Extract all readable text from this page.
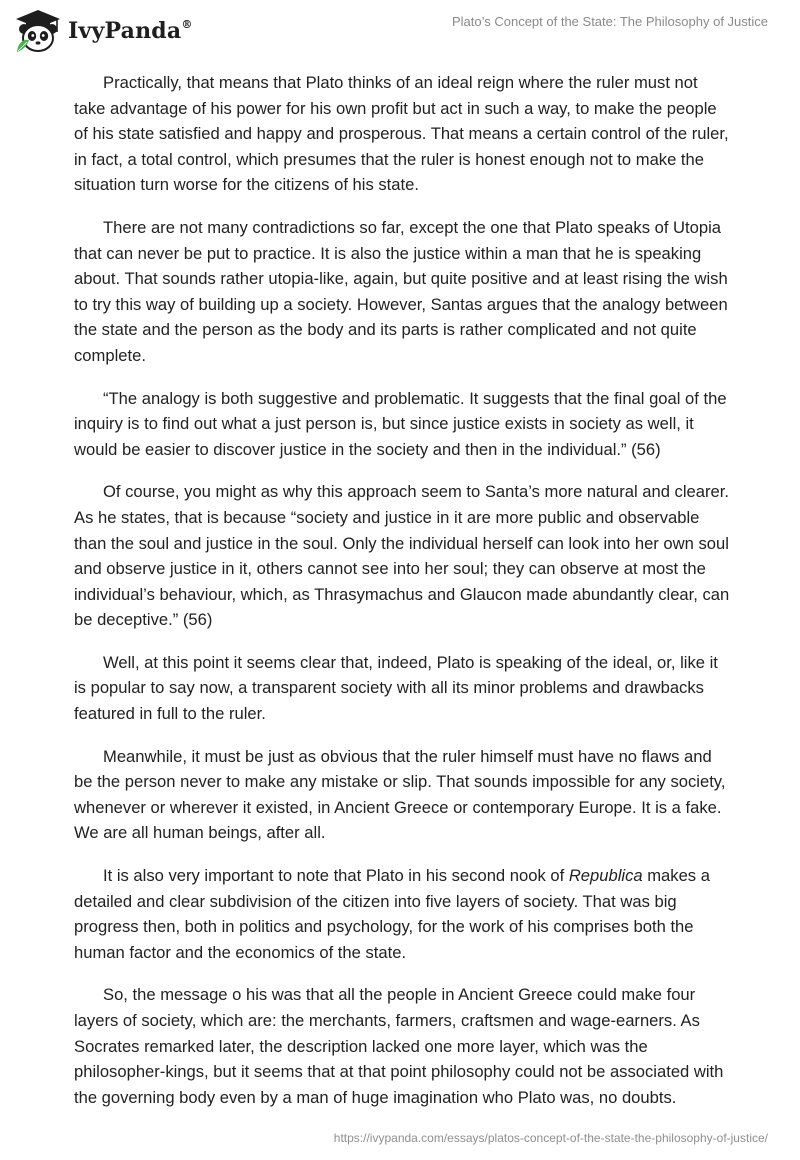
IvyPanda®	Plato’s Concept of the State: The Philosophy of Justice

Practically, that means that Plato thinks of an ideal reign where the ruler must not take advantage of his power for his own profit but act in such a way, to make the people of his state satisfied and happy and prosperous. That means a certain control of the ruler, in fact, a total control, which presumes that the ruler is honest enough not to make the situation turn worse for the citizens of his state.

There are not many contradictions so far, except the one that Plato speaks of Utopia that can never be put to practice. It is also the justice within a man that he is speaking about. That sounds rather utopia-like, again, but quite positive and at least rising the wish to try this way of building up a society. However, Santas argues that the analogy between the state and the person as the body and its parts is rather complicated and not quite complete.

“The analogy is both suggestive and problematic. It suggests that the final goal of the inquiry is to find out what a just person is, but since justice exists in society as well, it would be easier to discover justice in the society and then in the individual.” (56)

Of course, you might as why this approach seem to Santa’s more natural and clearer. As he states, that is because “society and justice in it are more public and observable than the soul and justice in the soul. Only the individual herself can look into her own soul and observe justice in it, others cannot see into her soul; they can observe at most the individual’s behaviour, which, as Thrasymachus and Glaucon made abundantly clear, can be deceptive.” (56)

Well, at this point it seems clear that, indeed, Plato is speaking of the ideal, or, like it is popular to say now, a transparent society with all its minor problems and drawbacks featured in full to the ruler.

Meanwhile, it must be just as obvious that the ruler himself must have no flaws and be the person never to make any mistake or slip. That sounds impossible for any society, whenever or wherever it existed, in Ancient Greece or contemporary Europe. It is a fake. We are all human beings, after all.

It is also very important to note that Plato in his second nook of Republica makes a detailed and clear subdivision of the citizen into five layers of society. That was big progress then, both in politics and psychology, for the work of his comprises both the human factor and the economics of the state.

So, the message o his was that all the people in Ancient Greece could make four layers of society, which are: the merchants, farmers, craftsmen and wage-earners. As Socrates remarked later, the description lacked one more layer, which was the philosopher-kings, but it seems that at that point philosophy could not be associated with the governing body even by a man of huge imagination who Plato was, no doubts.

https://ivypanda.com/essays/platos-concept-of-the-state-the-philosophy-of-justice/
